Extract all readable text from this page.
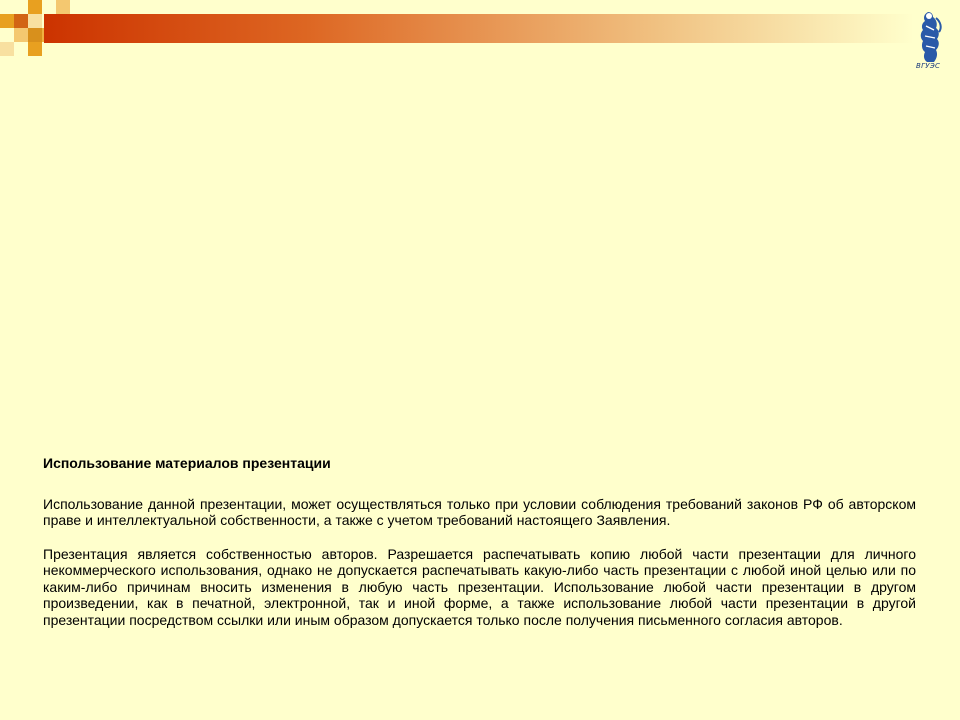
ВГУЭС
Использование материалов презентации
Использование данной презентации, может осуществляться только при условии соблюдения требований законов РФ об авторском праве и интеллектуальной собственности, а также с учетом требований настоящего Заявления.
Презентация является собственностью авторов. Разрешается распечатывать копию любой части презентации для личного некоммерческого использования, однако не допускается распечатывать какую-либо часть презентации с любой иной целью или по каким-либо причинам вносить изменения в любую часть презентации. Использование любой части презентации в другом произведении, как в печатной, электронной, так и иной форме, а также использование любой части презентации в другой презентации посредством ссылки или иным образом допускается только после получения письменного согласия авторов.
